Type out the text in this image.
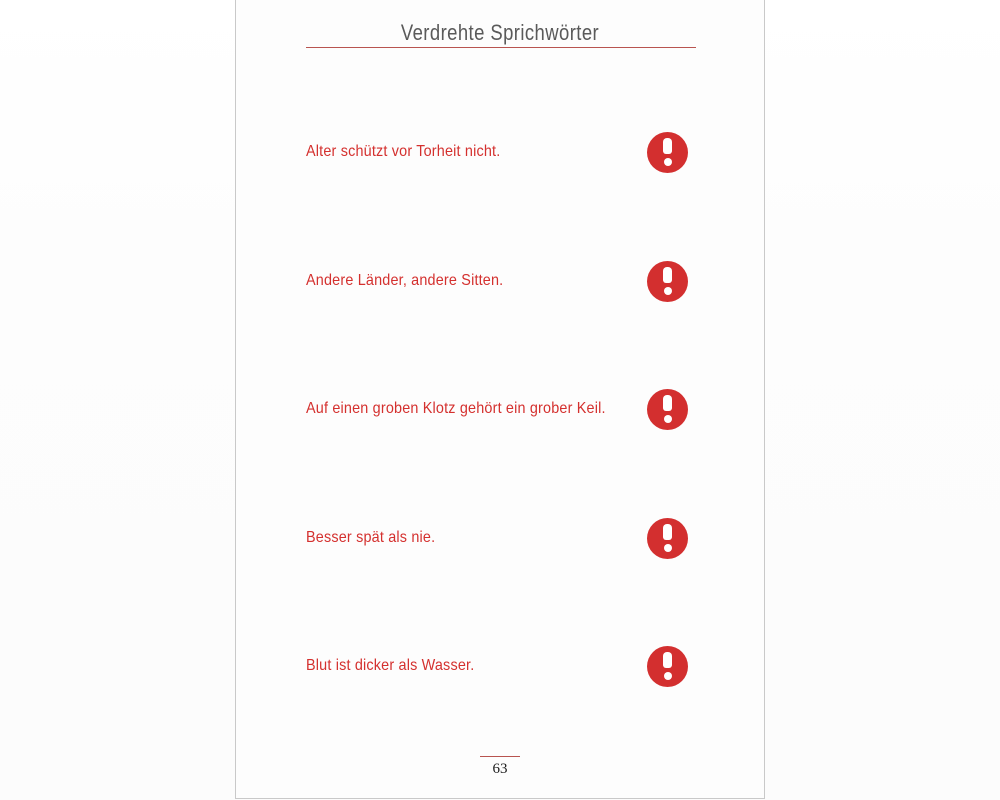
Verdrehte Sprichwörter
Alter schützt vor Torheit nicht.
Andere Länder, andere Sitten.
Auf einen groben Klotz gehört ein grober Keil.
Besser spät als nie.
Blut ist dicker als Wasser.
63
